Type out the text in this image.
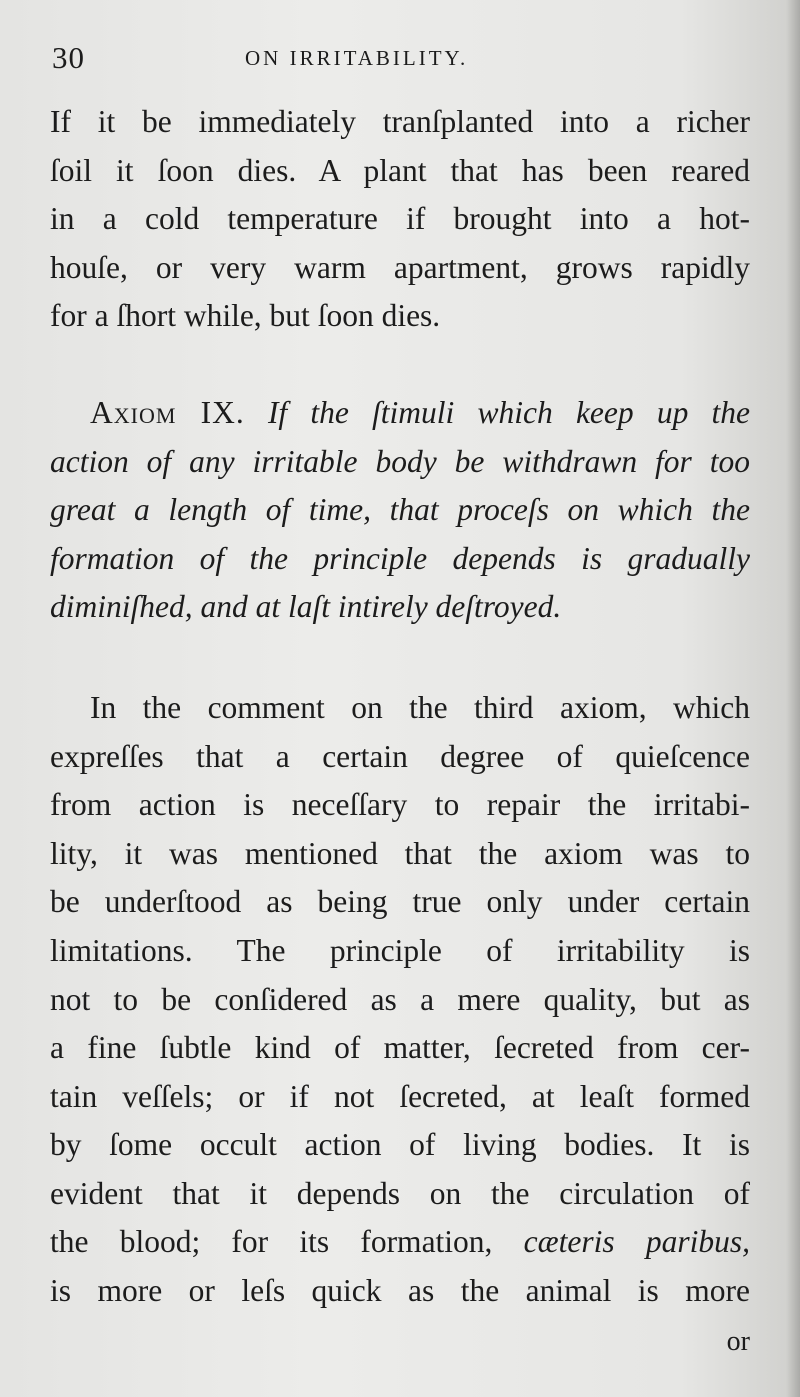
30	ON IRRITABILITY.
If it be immediately tranſplanted into a richer
ſoil it ſoon dies. A plant that has been reared
in a cold temperature if brought into a hot-
houſe, or very warm apartment, grows rapidly
for a ſhort while, but ſoon dies.
Axiom IX. If the ſtimuli which keep up the
action of any irritable body be withdrawn for too
great a length of time, that proceſs on which the
formation of the principle depends is gradually
diminiſhed, and at laſt intirely deſtroyed.
In the comment on the third axiom, which
expreſſes that a certain degree of quieſcence
from action is neceſſary to repair the irritabi-
lity, it was mentioned that the axiom was to
be underſtood as being true only under certain
limitations. The principle of irritability is
not to be conſidered as a mere quality, but as
a fine ſubtle kind of matter, ſecreted from cer-
tain veſſels; or if not ſecreted, at leaſt formed
by ſome occult action of living bodies. It is
evident that it depends on the circulation of
the blood; for its formation, cæteris paribus,
is more or leſs quick as the animal is more
or
